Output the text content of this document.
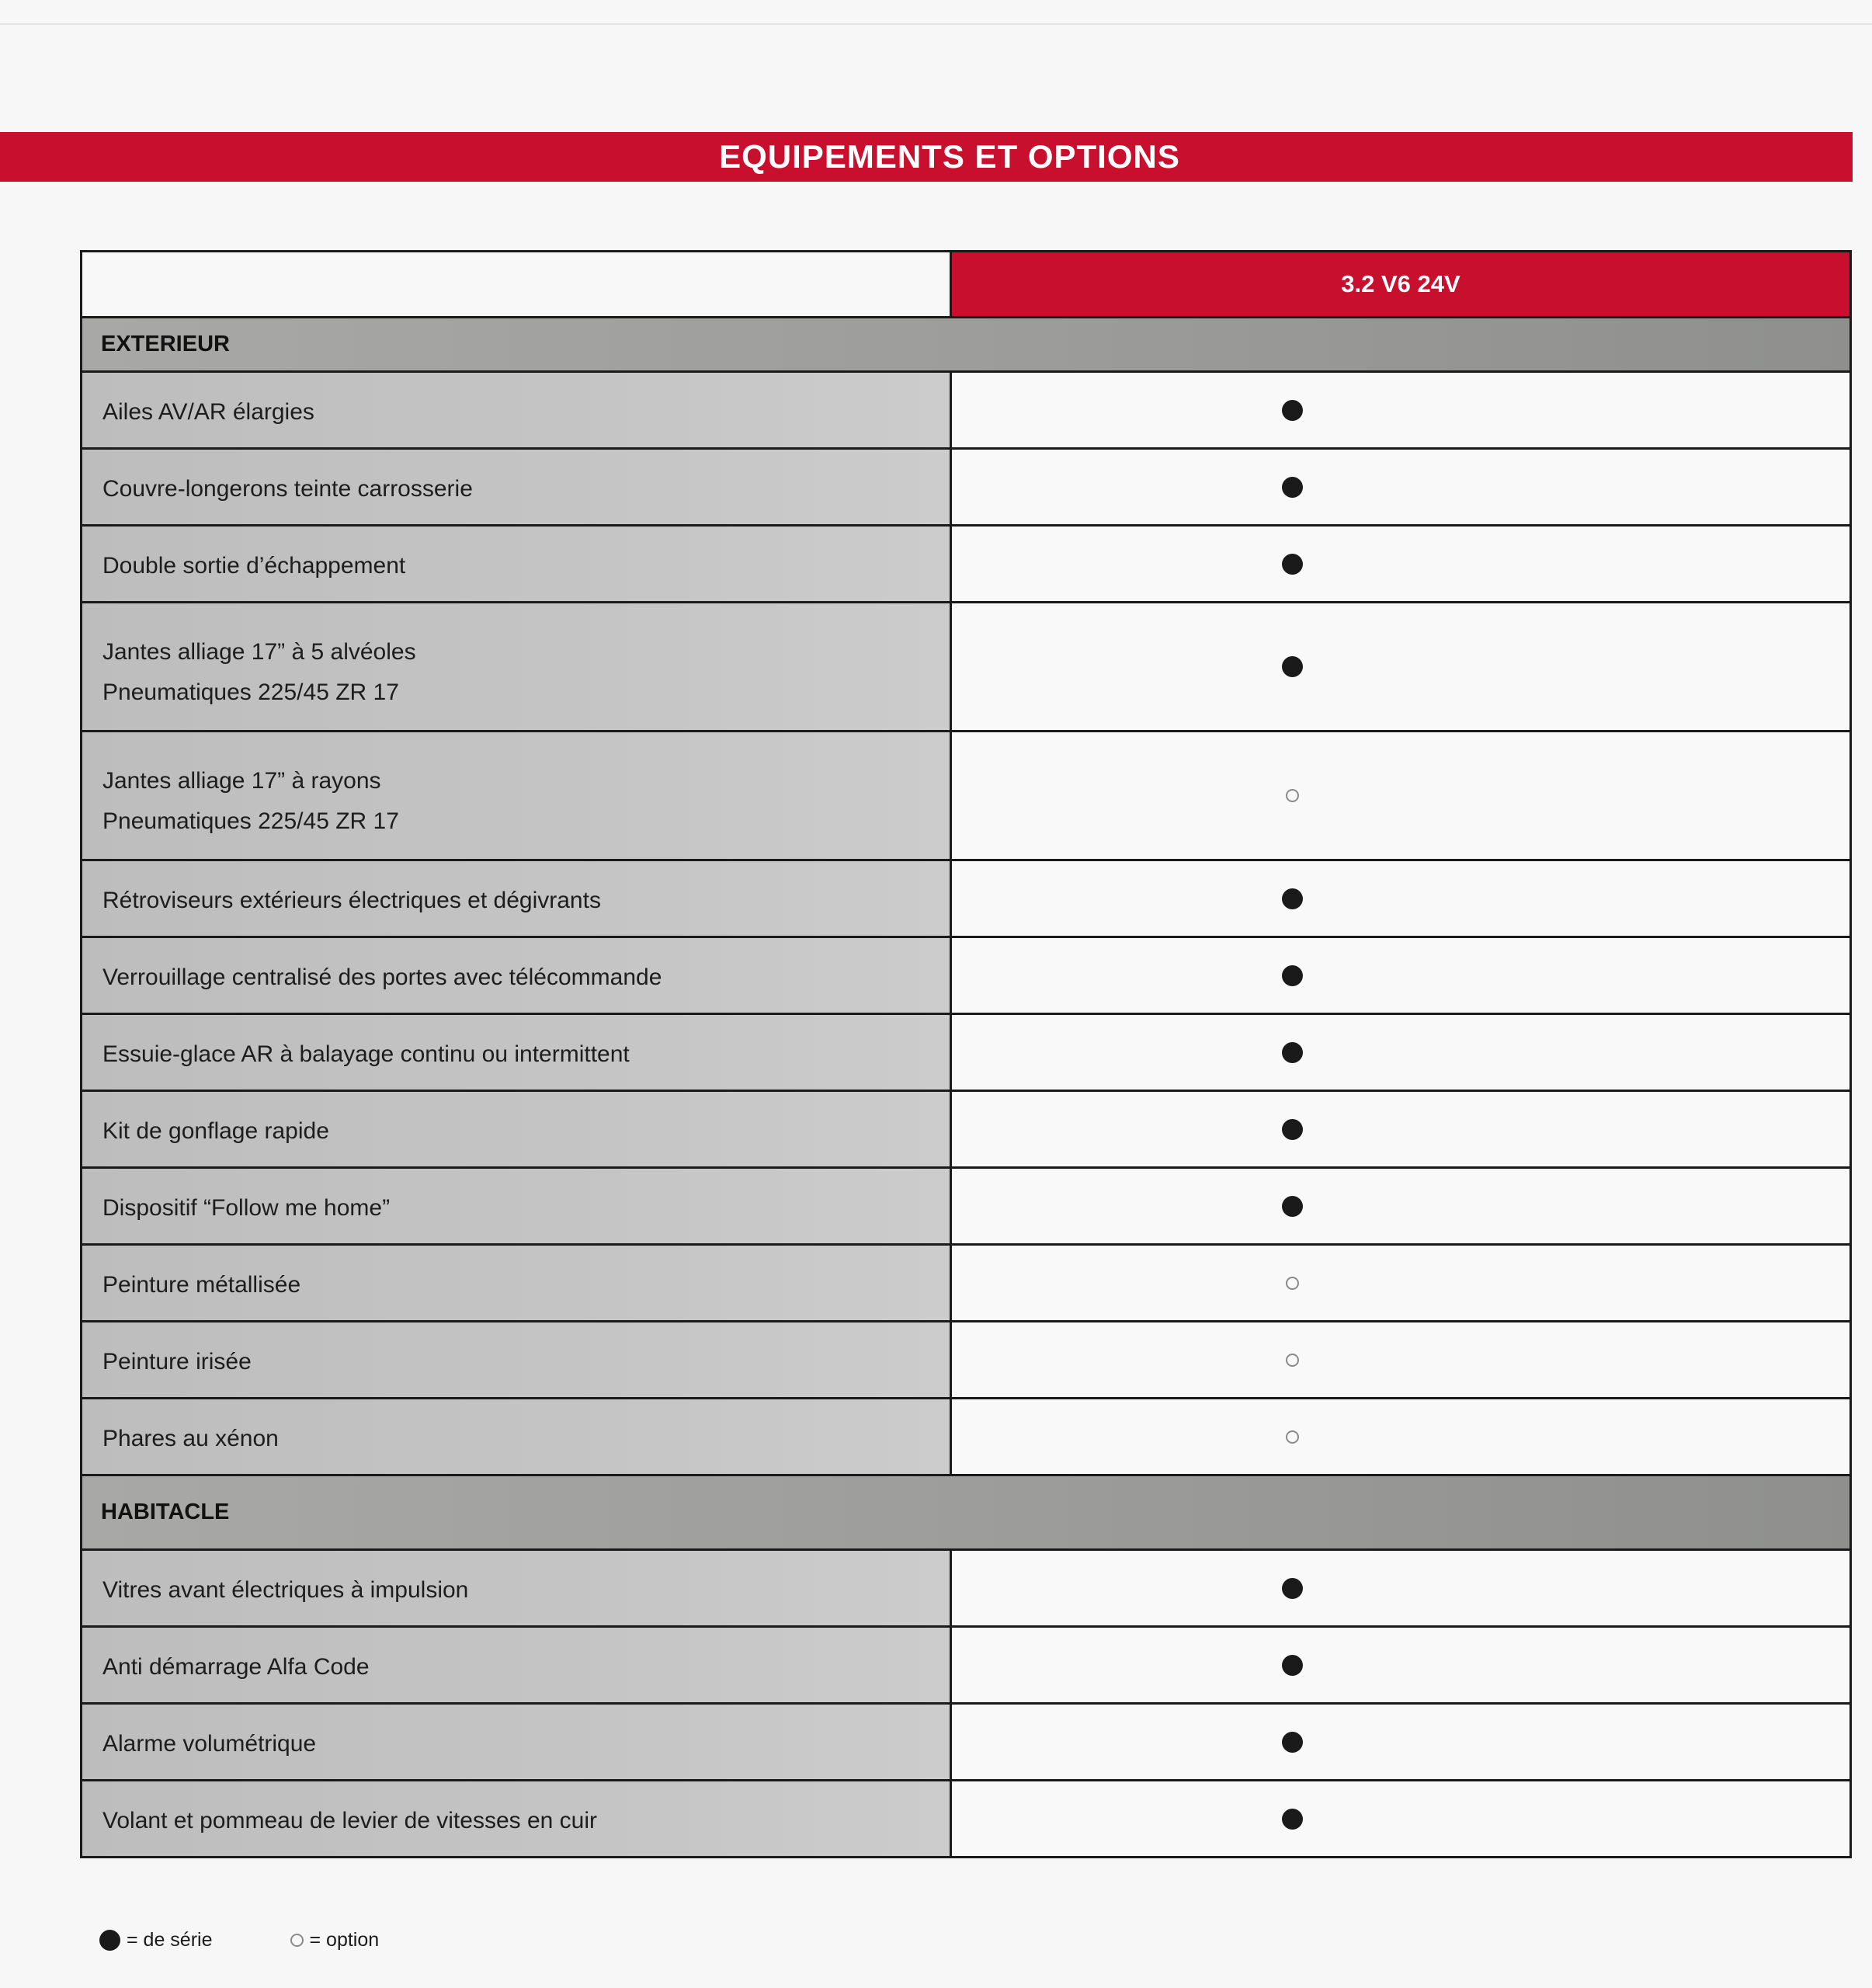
EQUIPEMENTS ET OPTIONS
3.2 V6 24V
EXTERIEUR
Ailes AV/AR élargies
Couvre-longerons teinte carrosserie
Double sortie d’échappement
Jantes alliage 17” à 5 alvéoles
Pneumatiques 225/45 ZR 17
Jantes alliage 17” à rayons
Pneumatiques 225/45 ZR 17
Rétroviseurs extérieurs électriques et dégivrants
Verrouillage centralisé des portes avec télécommande
Essuie-glace AR à balayage continu ou intermittent
Kit de gonflage rapide
Dispositif “Follow me home”
Peinture métallisée
Peinture irisée
Phares au xénon
HABITACLE
Vitres avant électriques à impulsion
Anti démarrage Alfa Code
Alarme volumétrique
Volant et pommeau de levier de vitesses en cuir
= de série	= option
